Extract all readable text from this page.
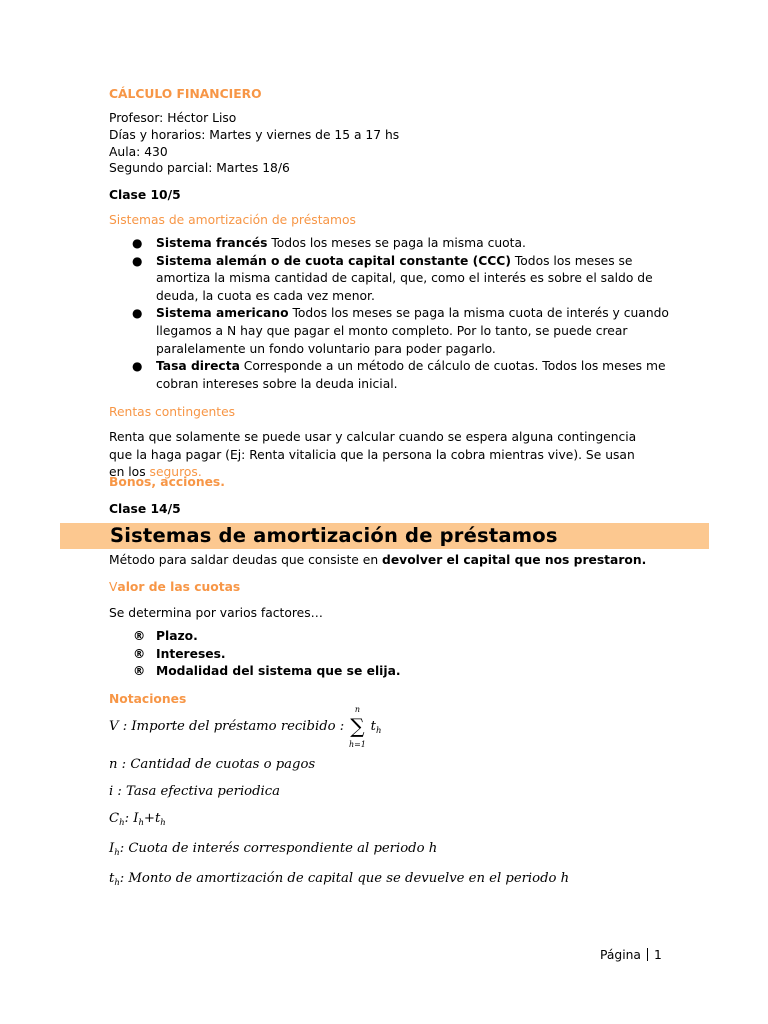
CÁLCULO FINANCIERO

Profesor: Héctor Liso

Días y horarios: Martes y viernes de 15 a 17 hs

Aula: 430

Segundo parcial: Martes 18/6

Clase 10/5

Sistemas de amortización de préstamos

● Sistema francés Todos los meses se paga la misma cuota.
● Sistema alemán o de cuota capital constante (CCC) Todos los meses se amortiza la misma cantidad de capital, que, como el interés es sobre el saldo de deuda, la cuota es cada vez menor.
● Sistema americano Todos los meses se paga la misma cuota de interés y cuando llegamos a N hay que pagar el monto completo. Por lo tanto, se puede crear paralelamente un fondo voluntario para poder pagarlo.
● Tasa directa Corresponde a un método de cálculo de cuotas. Todos los meses me cobran intereses sobre la deuda inicial.

Rentas contingentes

Renta que solamente se puede usar y calcular cuando se espera alguna contingencia que la haga pagar (Ej: Renta vitalicia que la persona la cobra mientras vive). Se usan en los seguros.

Bonos, acciones.

Clase 14/5

Sistemas de amortización de préstamos

Método para saldar deudas que consiste en devolver el capital que nos prestaron.

Valor de las cuotas

Se determina por varios factores…

® Plazo.
® Intereses.
® Modalidad del sistema que se elija.

Notaciones

V : Importe del préstamo recibido :
n
∑
h=1
$t_h$

n : Cantidad de cuotas o pagos

i : Tasa efectiva periodica

$C_h$: $I_h+t_h$

$I_h$: Cuota de interés correspondiente al periodo h

$t_h$: Monto de amortización de capital que se devuelve en el periodo h

Página 1
